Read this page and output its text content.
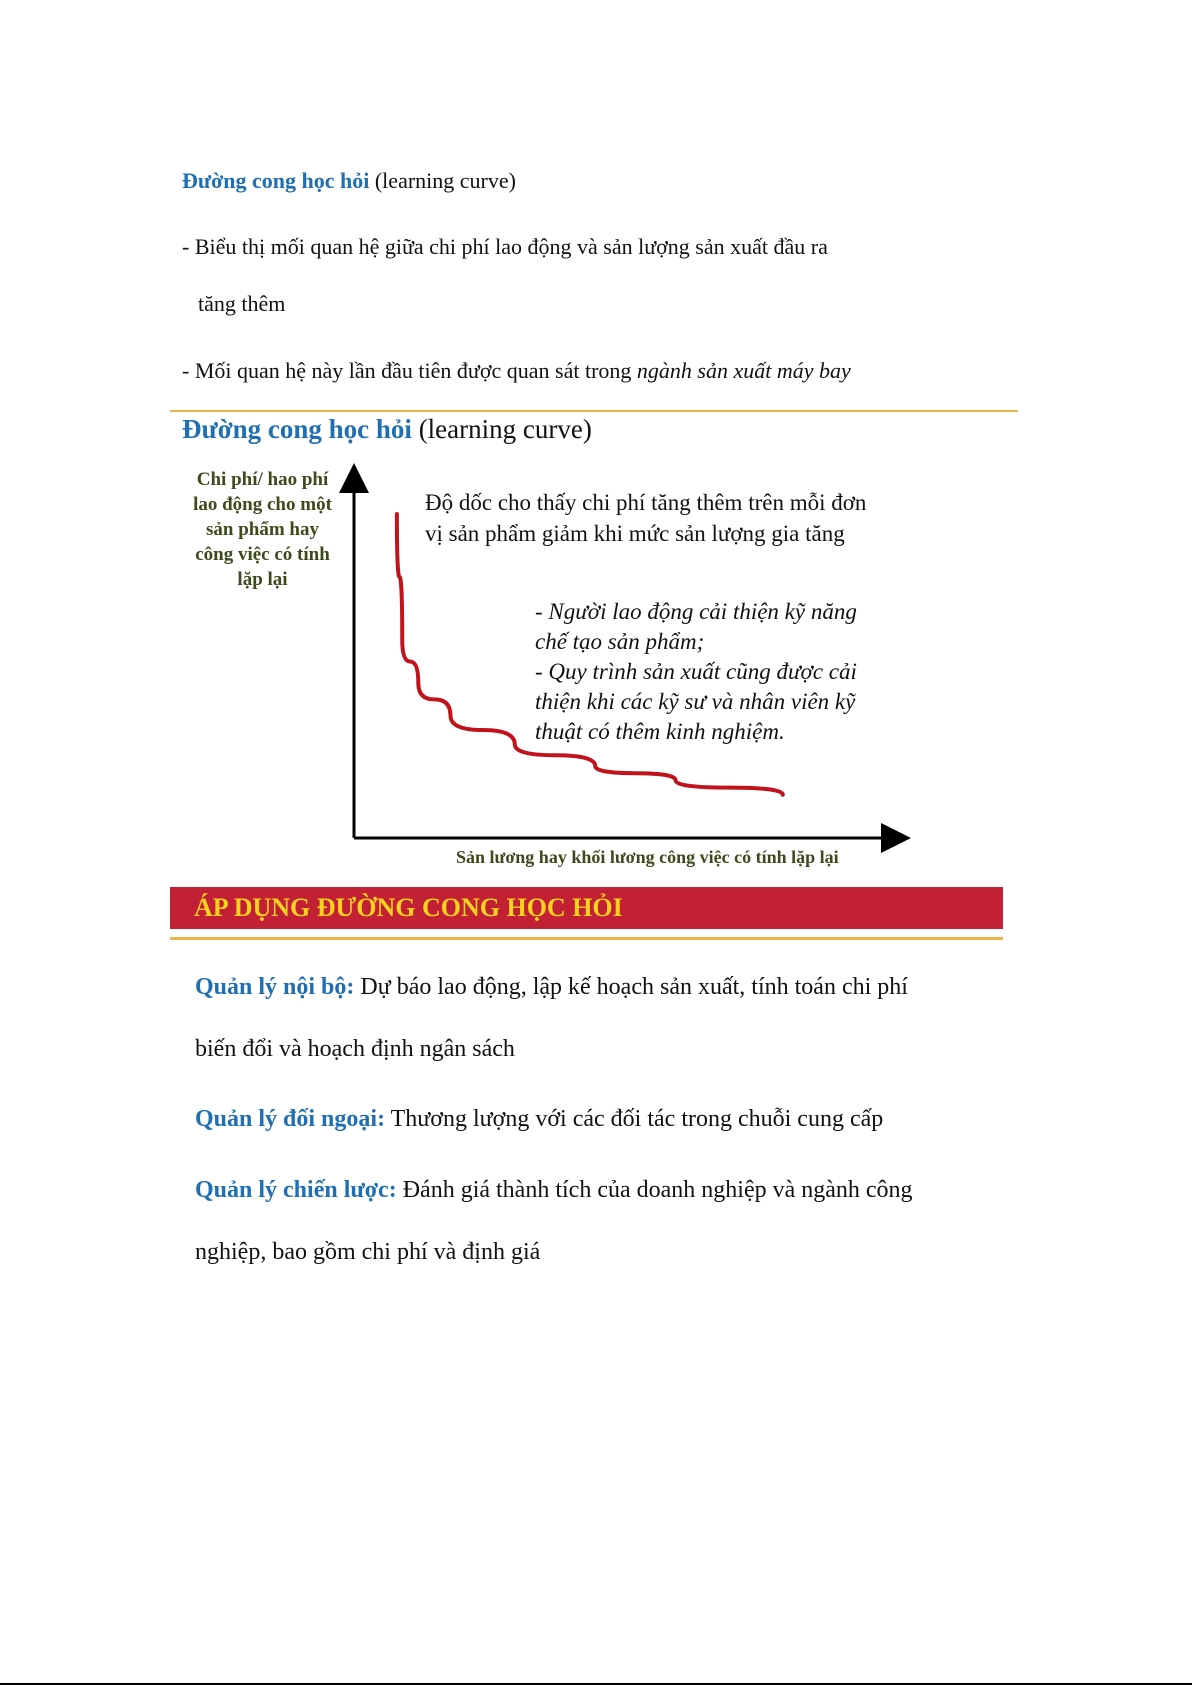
Đường cong học hỏi (learning curve)
- Biểu thị mối quan hệ giữa chi phí lao động và sản lượng sản xuất đầu ra
tăng thêm
- Mối quan hệ này lần đầu tiên được quan sát trong ngành sản xuất máy bay
Đường cong học hỏi (learning curve)
Chi phí/ hao phí
lao động cho một
sản phẩm hay
công việc có tính
lặp lại
Độ dốc cho thấy chi phí tăng thêm trên mỗi đơn
vị sản phẩm giảm khi mức sản lượng gia tăng
- Người lao động cải thiện kỹ năng
chế tạo sản phẩm;
- Quy trình sản xuất cũng được cải
thiện khi các kỹ sư và nhân viên kỹ
thuật có thêm kinh nghiệm.
Sản lương hay khối lương công việc có tính lặp lại
ÁP DỤNG ĐƯỜNG CONG HỌC HỎI
Quản lý nội bộ: Dự báo lao động, lập kế hoạch sản xuất, tính toán chi phí
biến đổi và hoạch định ngân sách
Quản lý đối ngoại: Thương lượng với các đối tác trong chuỗi cung cấp
Quản lý chiến lược: Đánh giá thành tích của doanh nghiệp và ngành công
nghiệp, bao gồm chi phí và định giá
